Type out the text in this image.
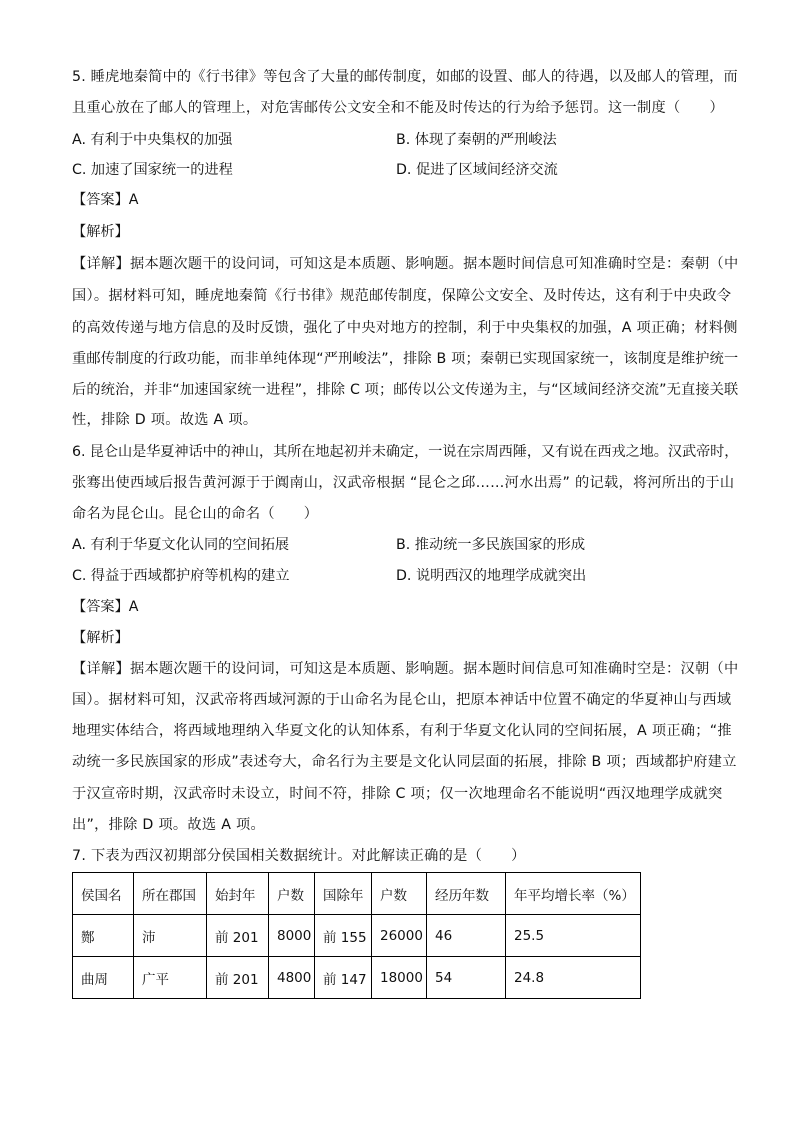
5. 睡虎地秦简中的《行书律》等包含了大量的邮传制度，如邮的设置、邮人的待遇，以及邮人的管理，而
且重心放在了邮人的管理上，对危害邮传公文安全和不能及时传达的行为给予惩罚。这一制度（　　）
A. 有利于中央集权的加强	B. 体现了秦朝的严刑峻法
C. 加速了国家统一的进程	D. 促进了区域间经济交流
【答案】A
【解析】
【详解】据本题次题干的设问词，可知这是本质题、影响题。据本题时间信息可知准确时空是：秦朝（中
国）。据材料可知，睡虎地秦简《行书律》规范邮传制度，保障公文安全、及时传达，这有利于中央政令
的高效传递与地方信息的及时反馈，强化了中央对地方的控制，利于中央集权的加强，A 项正确；材料侧
重邮传制度的行政功能，而非单纯体现“严刑峻法”，排除 B 项；秦朝已实现国家统一，该制度是维护统一
后的统治，并非“加速国家统一进程”，排除 C 项；邮传以公文传递为主，与“区域间经济交流”无直接关联
性，排除 D 项。故选 A 项。
6. 昆仑山是华夏神话中的神山，其所在地起初并未确定，一说在宗周西陲，又有说在西戎之地。汉武帝时，
张骞出使西域后报告黄河源于于阗南山，汉武帝根据 “昆仑之邱……河水出焉” 的记载，将河所出的于山
命名为昆仑山。昆仑山的命名（　　）
A. 有利于华夏文化认同的空间拓展	B. 推动统一多民族国家的形成
C. 得益于西域都护府等机构的建立	D. 说明西汉的地理学成就突出
【答案】A
【解析】
【详解】据本题次题干的设问词，可知这是本质题、影响题。据本题时间信息可知准确时空是：汉朝（中
国）。据材料可知，汉武帝将西域河源的于山命名为昆仑山，把原本神话中位置不确定的华夏神山与西域
地理实体结合，将西域地理纳入华夏文化的认知体系，有利于华夏文化认同的空间拓展，A 项正确；“推
动统一多民族国家的形成”表述夸大，命名行为主要是文化认同层面的拓展，排除 B 项；西域都护府建立
于汉宣帝时期，汉武帝时未设立，时间不符，排除 C 项；仅一次地理命名不能说明“西汉地理学成就突
出”，排除 D 项。故选 A 项。
7. 下表为西汉初期部分侯国相关数据统计。对此解读正确的是（　　）
侯国名	所在郡国	始封年	户数	国除年	户数	经历年数	年平均增长率（%）
酂	沛	前 201	8000	前 155	26000	46	25.5
曲周	广平	前 201	4800	前 147	18000	54	24.8
